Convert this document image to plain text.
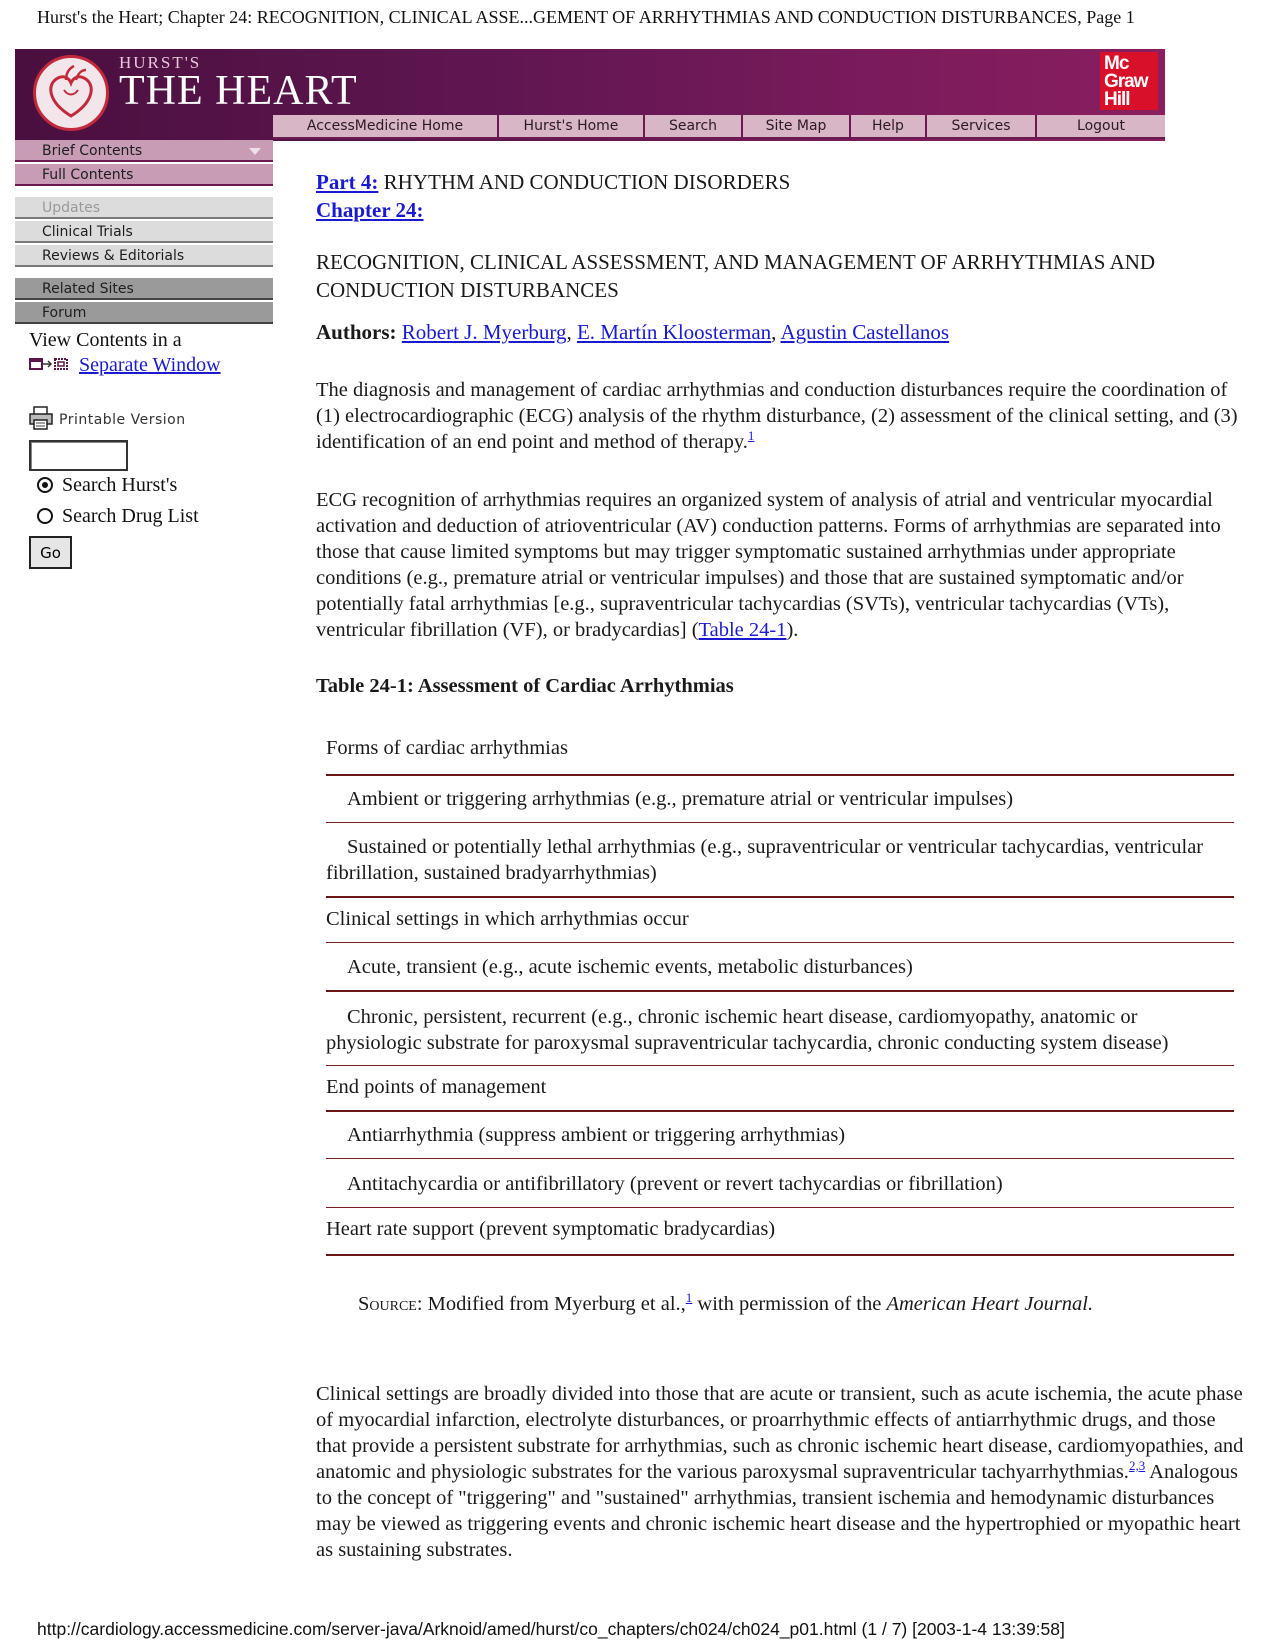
Hurst's the Heart; Chapter 24: RECOGNITION, CLINICAL ASSE...GEMENT OF ARRHYTHMIAS AND CONDUCTION DISTURBANCES, Page 1
http://cardiology.accessmedicine.com/server-java/Arknoid/amed/hurst/co_chapters/ch024/ch024_p01.html (1 / 7) [2003-1-4 13:39:58]
HURST'S
THE HEART
Mc
Graw
Hill
AccessMedicine Home	Hurst's Home	Search	Site Map	Help	Services	Logout
Brief Contents
Full Contents
Updates
Clinical Trials
Reviews & Editorials
Related Sites
Forum
View Contents in a
Separate Window
Printable Version
Search Hurst's
Search Drug List
Go
Part 4: RHYTHM AND CONDUCTION DISORDERS
Chapter 24:
RECOGNITION, CLINICAL ASSESSMENT, AND MANAGEMENT OF ARRHYTHMIAS AND
CONDUCTION DISTURBANCES
Authors: Robert J. Myerburg, E. Martín Kloosterman, Agustin Castellanos
The diagnosis and management of cardiac arrhythmias and conduction disturbances require the coordination of (1) electrocardiographic (ECG) analysis of the rhythm disturbance, (2) assessment of the clinical setting, and (3) identification of an end point and method of therapy.$^1$
ECG recognition of arrhythmias requires an organized system of analysis of atrial and ventricular myocardial activation and deduction of atrioventricular (AV) conduction patterns. Forms of arrhythmias are separated into those that cause limited symptoms but may trigger symptomatic sustained arrhythmias under appropriate conditions (e.g., premature atrial or ventricular impulses) and those that are sustained symptomatic and/or potentially fatal arrhythmias [e.g., supraventricular tachycardias (SVTs), ventricular tachycardias (VTs), ventricular fibrillation (VF), or bradycardias] (Table 24-1).
Table 24-1: Assessment of Cardiac Arrhythmias
Forms of cardiac arrhythmias
Ambient or triggering arrhythmias (e.g., premature atrial or ventricular impulses)
Sustained or potentially lethal arrhythmias (e.g., supraventricular or ventricular tachycardias, ventricular fibrillation, sustained bradyarrhythmias)
Clinical settings in which arrhythmias occur
Acute, transient (e.g., acute ischemic events, metabolic disturbances)
Chronic, persistent, recurrent (e.g., chronic ischemic heart disease, cardiomyopathy, anatomic or physiologic substrate for paroxysmal supraventricular tachycardia, chronic conducting system disease)
End points of management
Antiarrhythmia (suppress ambient or triggering arrhythmias)
Antitachycardia or antifibrillatory (prevent or revert tachycardias or fibrillation)
Heart rate support (prevent symptomatic bradycardias)
Source: Modified from Myerburg et al.,$^1$ with permission of the American Heart Journal.
Clinical settings are broadly divided into those that are acute or transient, such as acute ischemia, the acute phase of myocardial infarction, electrolyte disturbances, or proarrhythmic effects of antiarrhythmic drugs, and those that provide a persistent substrate for arrhythmias, such as chronic ischemic heart disease, cardiomyopathies, and anatomic and physiologic substrates for the various paroxysmal supraventricular tachyarrhythmias.$^{2,3}$ Analogous to the concept of "triggering" and "sustained" arrhythmias, transient ischemia and hemodynamic disturbances may be viewed as triggering events and chronic ischemic heart disease and the hypertrophied or myopathic heart as sustaining substrates.
